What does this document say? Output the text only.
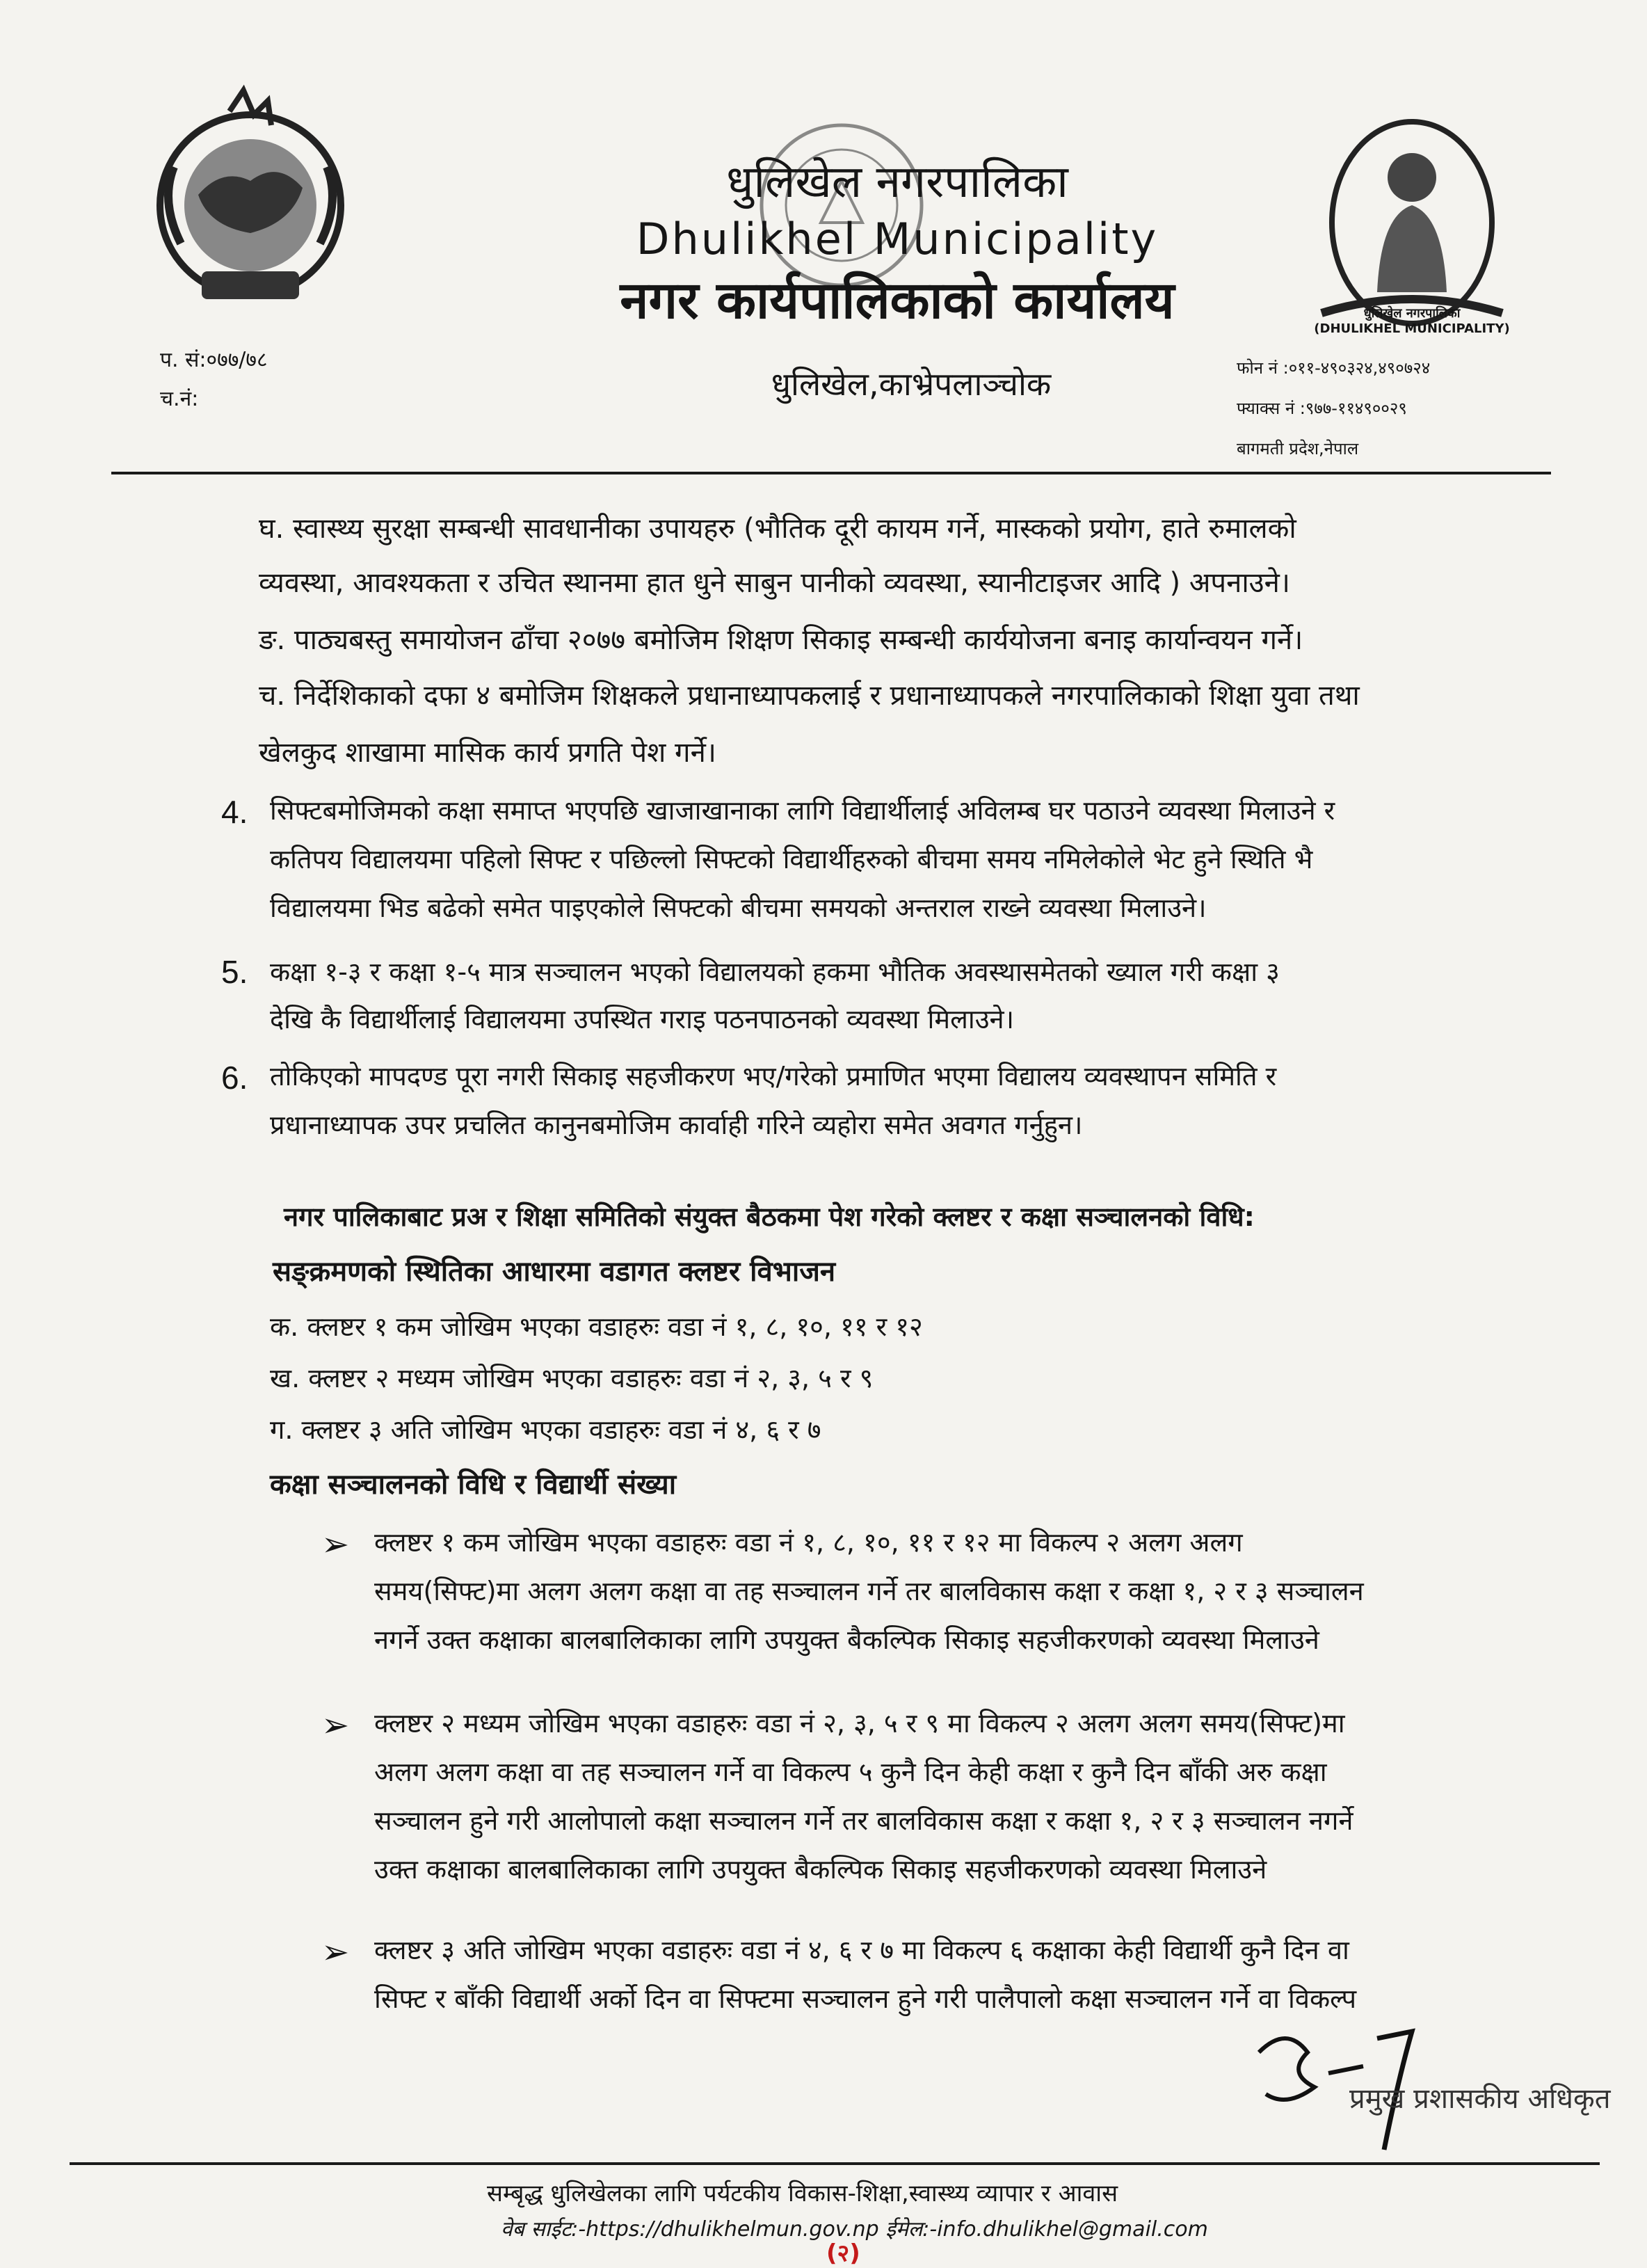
धुलिखेल नगरपालिका
Dhulikhel Municipality
नगर कार्यपालिकाको कार्यालय	धुलिखेल नगरपालिका
(DHULIKHEL MUNICIPALITY)
प. सं:०७७/७८
च.नं:	धुलिखेल,काभ्रेपलाञ्चोक	फोन नं :०११-४९०३२४,४९०७२४
फ्याक्स नं :९७७-११४९००२९
बागमती प्रदेश,नेपाल
घ. स्वास्थ्य सुरक्षा सम्बन्धी सावधानीका उपायहरु (भौतिक दूरी कायम गर्ने, मास्कको प्रयोग, हाते रुमालको
व्यवस्था, आवश्यकता र उचित स्थानमा हात धुने साबुन पानीको व्यवस्था, स्यानीटाइजर आदि ) अपनाउने।
ङ. पाठ्यबस्तु समायोजन ढाँचा २०७७ बमोजिम शिक्षण सिकाइ सम्बन्धी कार्ययोजना बनाइ कार्यान्वयन गर्ने।
च. निर्देशिकाको दफा ४ बमोजिम शिक्षकले प्रधानाध्यापकलाई र प्रधानाध्यापकले नगरपालिकाको शिक्षा युवा तथा
खेलकुद शाखामा मासिक कार्य प्रगति पेश गर्ने।
4. सिफ्टबमोजिमको कक्षा समाप्त भएपछि खाजाखानाका लागि विद्यार्थीलाई अविलम्ब घर पठाउने व्यवस्था मिलाउने र
कतिपय विद्यालयमा पहिलो सिफ्ट र पछिल्लो सिफ्टको विद्यार्थीहरुको बीचमा समय नमिलेकोले भेट हुने स्थिति भै
विद्यालयमा भिड बढेको समेत पाइएकोले सिफ्टको बीचमा समयको अन्तराल राख्ने व्यवस्था मिलाउने।
5. कक्षा १-३ र कक्षा १-५ मात्र सञ्चालन भएको विद्यालयको हकमा भौतिक अवस्थासमेतको ख्याल गरी कक्षा ३
देखि कै विद्यार्थीलाई विद्यालयमा उपस्थित गराइ पठनपाठनको व्यवस्था मिलाउने।
6. तोकिएको मापदण्ड पूरा नगरी सिकाइ सहजीकरण भए/गरेको प्रमाणित भएमा विद्यालय व्यवस्थापन समिति र
प्रधानाध्यापक उपर प्रचलित कानुनबमोजिम कार्वाही गरिने व्यहोरा समेत अवगत गर्नुहुन।
नगर पालिकाबाट प्रअ र शिक्षा समितिको संयुक्त बैठकमा पेश गरेको क्लष्टर र कक्षा सञ्चालनको विधि:
सङ्क्रमणको स्थितिका आधारमा वडागत क्लष्टर विभाजन
क. क्लष्टर १ कम जोखिम भएका वडाहरुः वडा नं १, ८, १०, ११ र १२
ख. क्लष्टर २ मध्यम जोखिम भएका वडाहरुः वडा नं २, ३, ५ र ९
ग. क्लष्टर ३ अति जोखिम भएका वडाहरुः वडा नं ४, ६ र ७
कक्षा सञ्चालनको विधि र विद्यार्थी संख्या
➢ क्लष्टर १ कम जोखिम भएका वडाहरुः वडा नं १, ८, १०, ११ र १२ मा विकल्प २ अलग अलग
समय(सिफ्ट)मा अलग अलग कक्षा वा तह सञ्चालन गर्ने तर बालविकास कक्षा र कक्षा १, २ र ३ सञ्चालन
नगर्ने उक्त कक्षाका बालबालिकाका लागि उपयुक्त बैकल्पिक सिकाइ सहजीकरणको व्यवस्था मिलाउने
➢ क्लष्टर २ मध्यम जोखिम भएका वडाहरुः वडा नं २, ३, ५ र ९ मा विकल्प २ अलग अलग समय(सिफ्ट)मा
अलग अलग कक्षा वा तह सञ्चालन गर्ने वा विकल्प ५ कुनै दिन केही कक्षा र कुनै दिन बाँकी अरु कक्षा
सञ्चालन हुने गरी आलोपालो कक्षा सञ्चालन गर्ने तर बालविकास कक्षा र कक्षा १, २ र ३ सञ्चालन नगर्ने
उक्त कक्षाका बालबालिकाका लागि उपयुक्त बैकल्पिक सिकाइ सहजीकरणको व्यवस्था मिलाउने
➢ क्लष्टर ३ अति जोखिम भएका वडाहरुः वडा नं ४, ६ र ७ मा विकल्प ६ कक्षाका केही विद्यार्थी कुनै दिन वा
सिफ्ट र बाँकी विद्यार्थी अर्को दिन वा सिफ्टमा सञ्चालन हुने गरी पालैपालो कक्षा सञ्चालन गर्ने वा विकल्प
प्रमुख प्रशासकीय अधिकृत
सम्बृद्ध धुलिखेलका लागि पर्यटकीय विकास-शिक्षा,स्वास्थ्य व्यापार र आवास
वेब साईट:-https://dhulikhelmun.gov.np ईमेल:-info.dhulikhel@gmail.com
(२)
